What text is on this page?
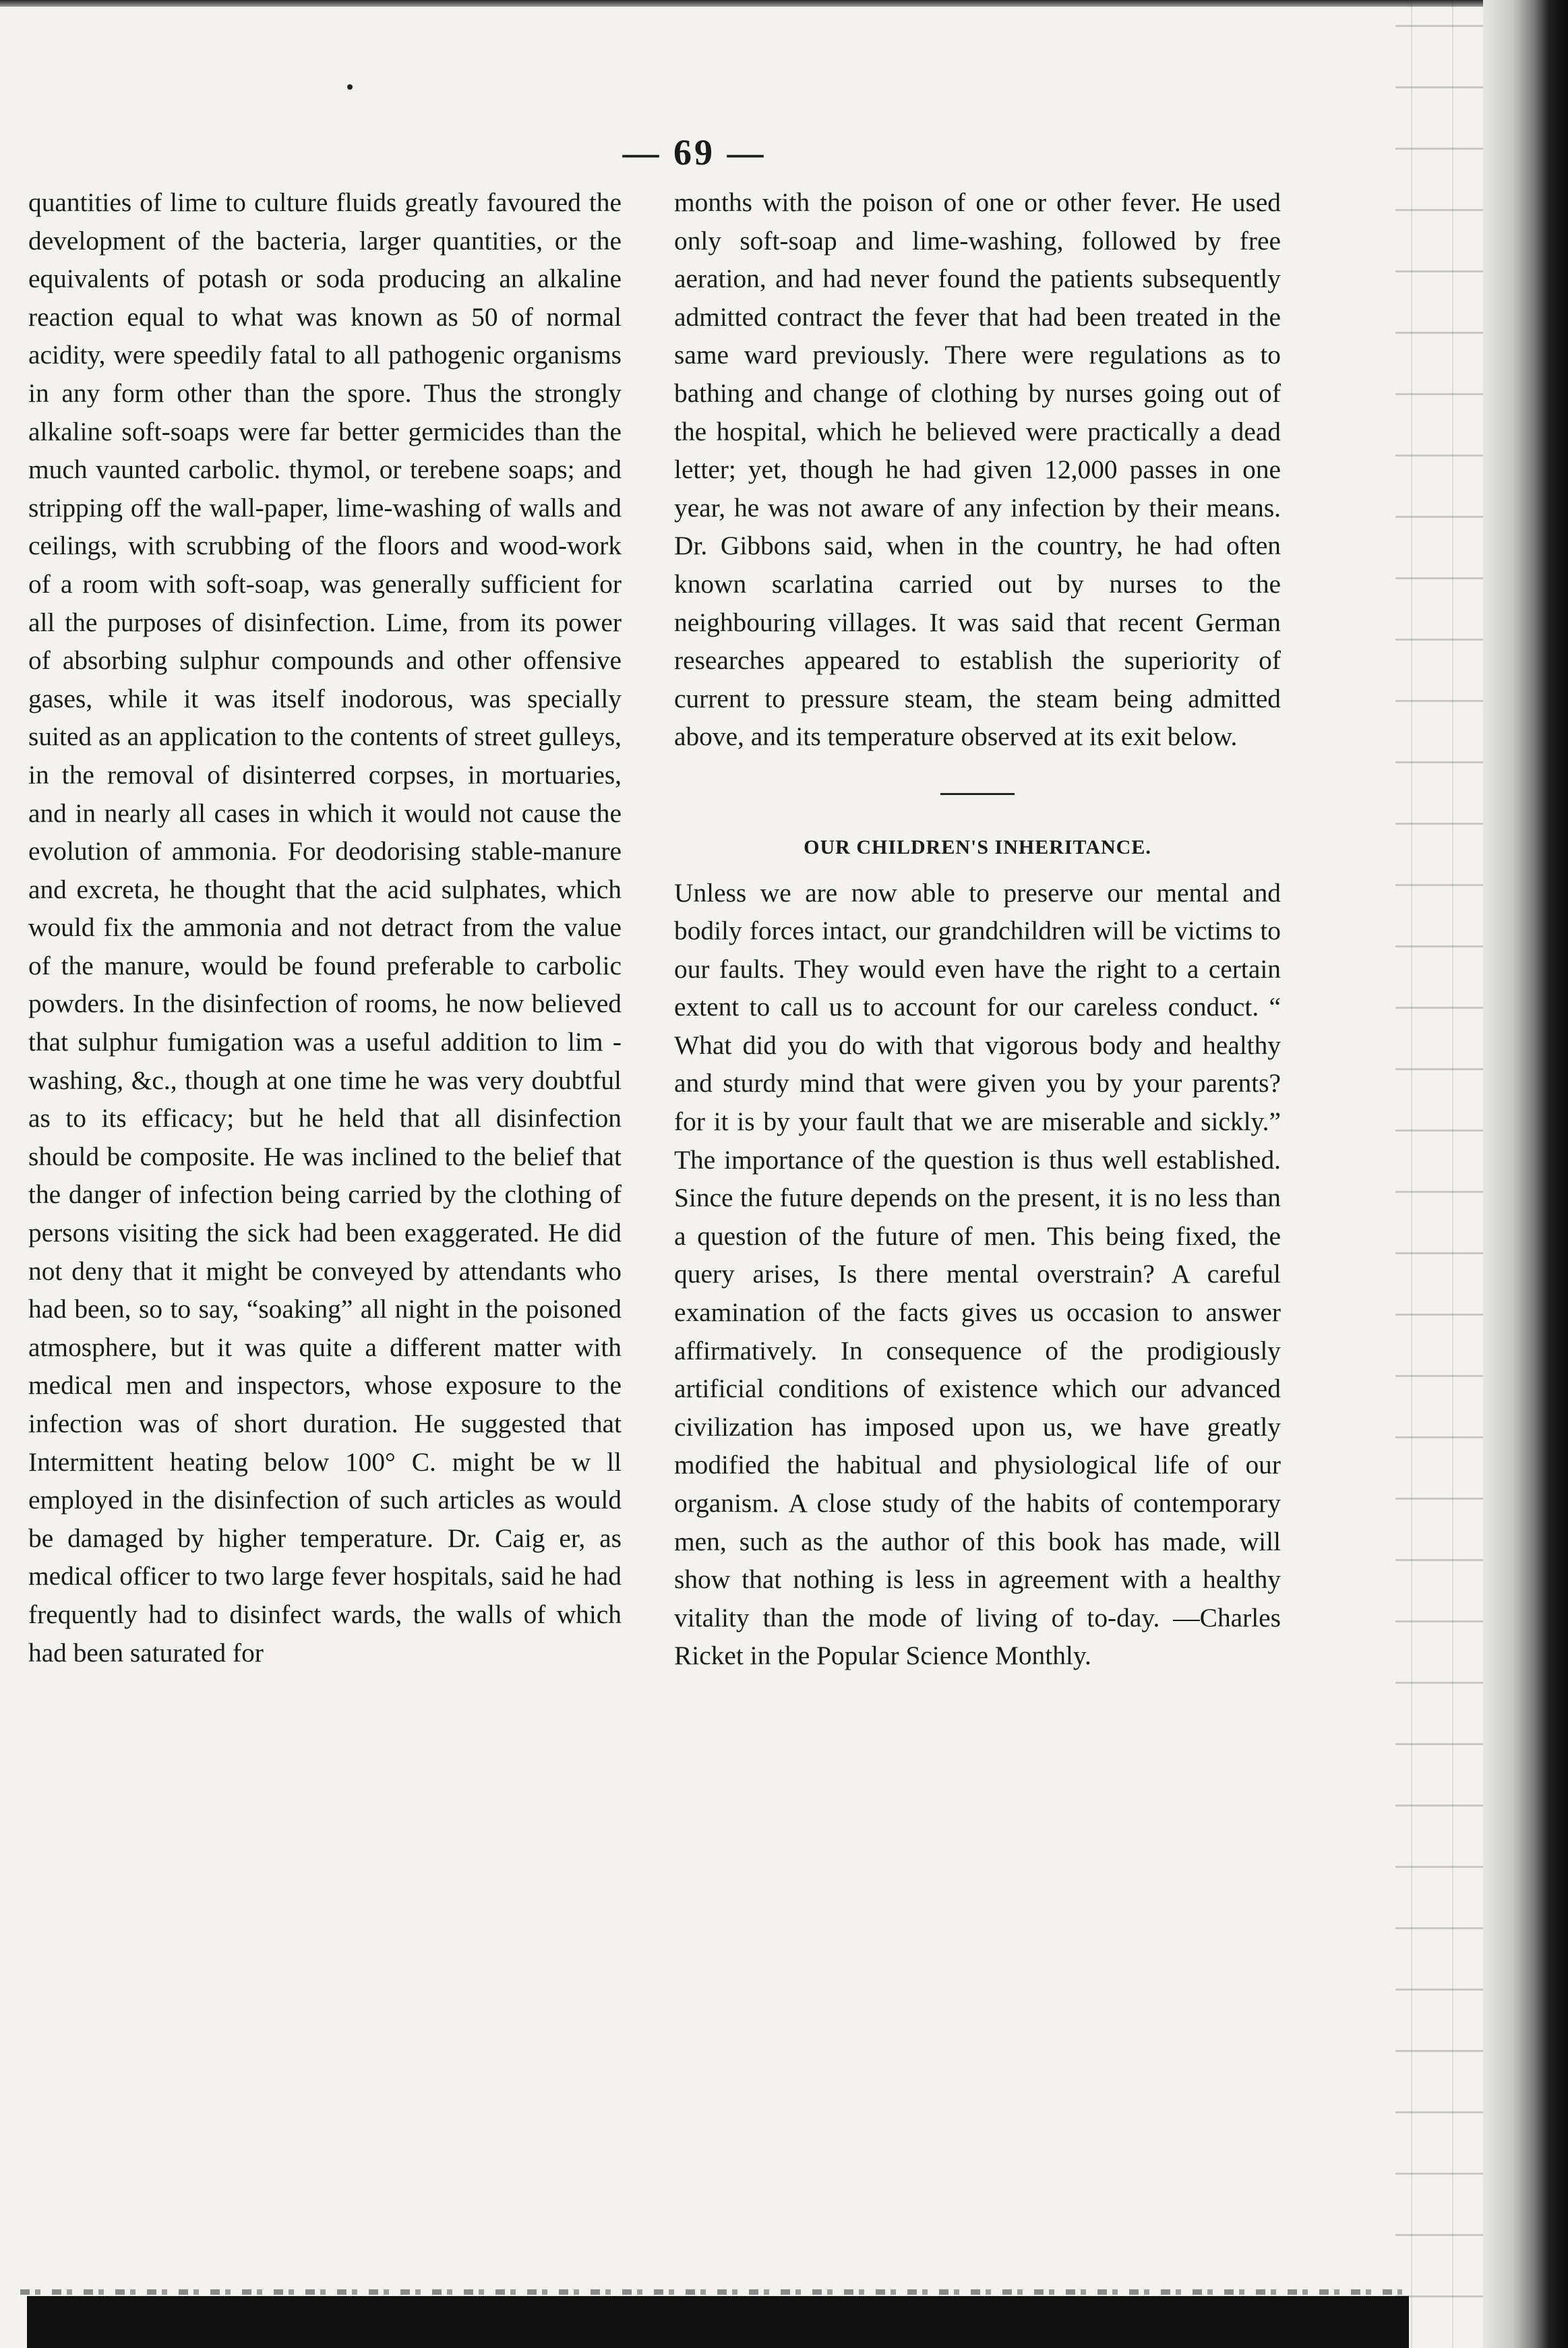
— 69 —

quantities of lime to culture fluids greatly favoured the development of the bacteria, larger quantities, or the equivalents of potash or soda producing an alkaline reaction equal to what was known as 50 of normal acidity, were speedily fatal to all pathogenic organisms in any form other than the spore. Thus the strongly alkaline soft-soaps were far better germicides than the much vaunted carbolic. thymol, or terebene soaps; and stripping off the wall-paper, lime-washing of walls and ceilings, with scrubbing of the floors and wood-work of a room with soft-soap, was generally sufficient for all the purposes of disinfection. Lime, from its power of absorbing sulphur compounds and other offensive gases, while it was itself inodorous, was specially suited as an application to the contents of street gulleys, in the removal of disinterred corpses, in mortuaries, and in nearly all cases in which it would not cause the evolution of ammonia. For deodorising stable-manure and excreta, he thought that the acid sulphates, which would fix the ammonia and not detract from the value of the manure, would be found preferable to carbolic powders. In the disinfection of rooms, he now believed that sulphur fumigation was a useful addition to lim -washing, &c., though at one time he was very doubtful as to its efficacy; but he held that all disinfection should be composite. He was inclined to the belief that the danger of infection being carried by the clothing of persons visiting the sick had been exaggerated. He did not deny that it might be conveyed by attendants who had been, so to say, “soaking” all night in the poisoned atmosphere, but it was quite a different matter with medical men and inspectors, whose exposure to the infection was of short duration. He suggested that Intermittent heating below 100° C. might be w ll employed in the disinfection of such articles as would be damaged by higher temperature. Dr. Caig er, as medical officer to two large fever hospitals, said he had frequently had to disinfect wards, the walls of which had been saturated for

months with the poison of one or other fever. He used only soft-soap and lime-washing, followed by free aeration, and had never found the patients subsequently admitted contract the fever that had been treated in the same ward previously. There were regulations as to bathing and change of clothing by nurses going out of the hospital, which he believed were practically a dead letter; yet, though he had given 12,000 passes in one year, he was not aware of any infection by their means. Dr. Gibbons said, when in the country, he had often known scarlatina carried out by nurses to the neighbouring villages. It was said that recent German researches appeared to establish the superiority of current to pressure steam, the steam being admitted above, and its temperature observed at its exit below.

OUR CHILDREN'S INHERITANCE.

Unless we are now able to preserve our mental and bodily forces intact, our grandchildren will be victims to our faults. They would even have the right to a certain extent to call us to account for our careless conduct. “ What did you do with that vigorous body and healthy and sturdy mind that were given you by your parents? for it is by your fault that we are miserable and sickly.” The importance of the question is thus well established. Since the future depends on the present, it is no less than a question of the future of men. This being fixed, the query arises, Is there mental overstrain? A careful examination of the facts gives us occasion to answer affirmatively. In consequence of the prodigiously artificial conditions of existence which our advanced civilization has imposed upon us, we have greatly modified the habitual and physiological life of our organism. A close study of the habits of contemporary men, such as the author of this book has made, will show that nothing is less in agreement with a healthy vitality than the mode of living of to-day. —Charles Ricket in the Popular Science Monthly.
